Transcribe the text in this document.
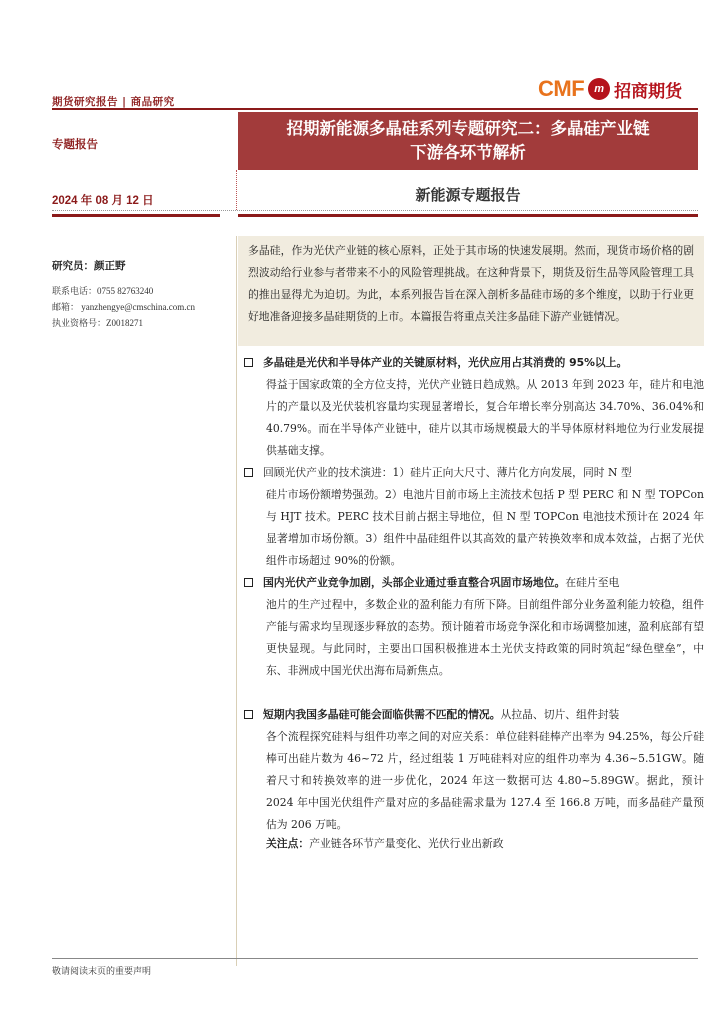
期货研究报告 | 商品研究
CMF m 招商期货
专题报告
招期新能源多晶硅系列专题研究二：多晶硅产业链
下游各环节解析
2024 年 08 月 12 日	新能源专题报告
研究员：颜正野
联系电话：0755 82763240
邮箱： yanzhengye@cmschina.com.cn
执业资格号：Z0018271
多晶硅，作为光伏产业链的核心原料，正处于其市场的快速发展期。然而，现货市场价格的剧烈波动给行业参与者带来不小的风险管理挑战。在这种背景下，期货及衍生品等风险管理工具的推出显得尤为迫切。为此，本系列报告旨在深入剖析多晶硅市场的多个维度，以助于行业更好地准备迎接多晶硅期货的上市。本篇报告将重点关注多晶硅下游产业链情况。
多晶硅是光伏和半导体产业的关键原材料，光伏应用占其消费的 95%以上。
得益于国家政策的全方位支持，光伏产业链日趋成熟。从 2013 年到 2023 年，硅片和电池片的产量以及光伏装机容量均实现显著增长，复合年增长率分别高达 34.70%、36.04%和 40.79%。而在半导体产业链中，硅片以其市场规模最大的半导体原材料地位为行业发展提供基础支撑。
回顾光伏产业的技术演进：1）硅片正向大尺寸、薄片化方向发展，同时 N 型
硅片市场份额增势强劲。2）电池片目前市场上主流技术包括 P 型 PERC 和 N 型 TOPCon 与 HJT 技术。PERC 技术目前占据主导地位，但 N 型 TOPCon 电池技术预计在 2024 年显著增加市场份额。3）组件中晶硅组件以其高效的量产转换效率和成本效益，占据了光伏组件市场超过 90%的份额。
国内光伏产业竞争加剧，头部企业通过垂直整合巩固市场地位。在硅片至电
池片的生产过程中，多数企业的盈利能力有所下降。目前组件部分业务盈利能力较稳，组件产能与需求均呈现逐步释放的态势。预计随着市场竞争深化和市场调整加速，盈利底部有望更快显现。与此同时，主要出口国积极推进本土光伏支持政策的同时筑起“绿色壁垒”，中东、非洲成中国光伏出海布局新焦点。
短期内我国多晶硅可能会面临供需不匹配的情况。从拉晶、切片、组件封装
各个流程探究硅料与组件功率之间的对应关系：单位硅料硅棒产出率为 94.25%，每公斤硅棒可出硅片数为 46~72 片，经过组装 1 万吨硅料对应的组件功率为 4.36~5.51GW。随着尺寸和转换效率的进一步优化，2024 年这一数据可达 4.80~5.89GW。据此，预计 2024 年中国光伏组件产量对应的多晶硅需求量为 127.4 至 166.8 万吨，而多晶硅产量预估为 206 万吨。
关注点：产业链各环节产量变化、光伏行业出新政
敬请阅读末页的重要声明
